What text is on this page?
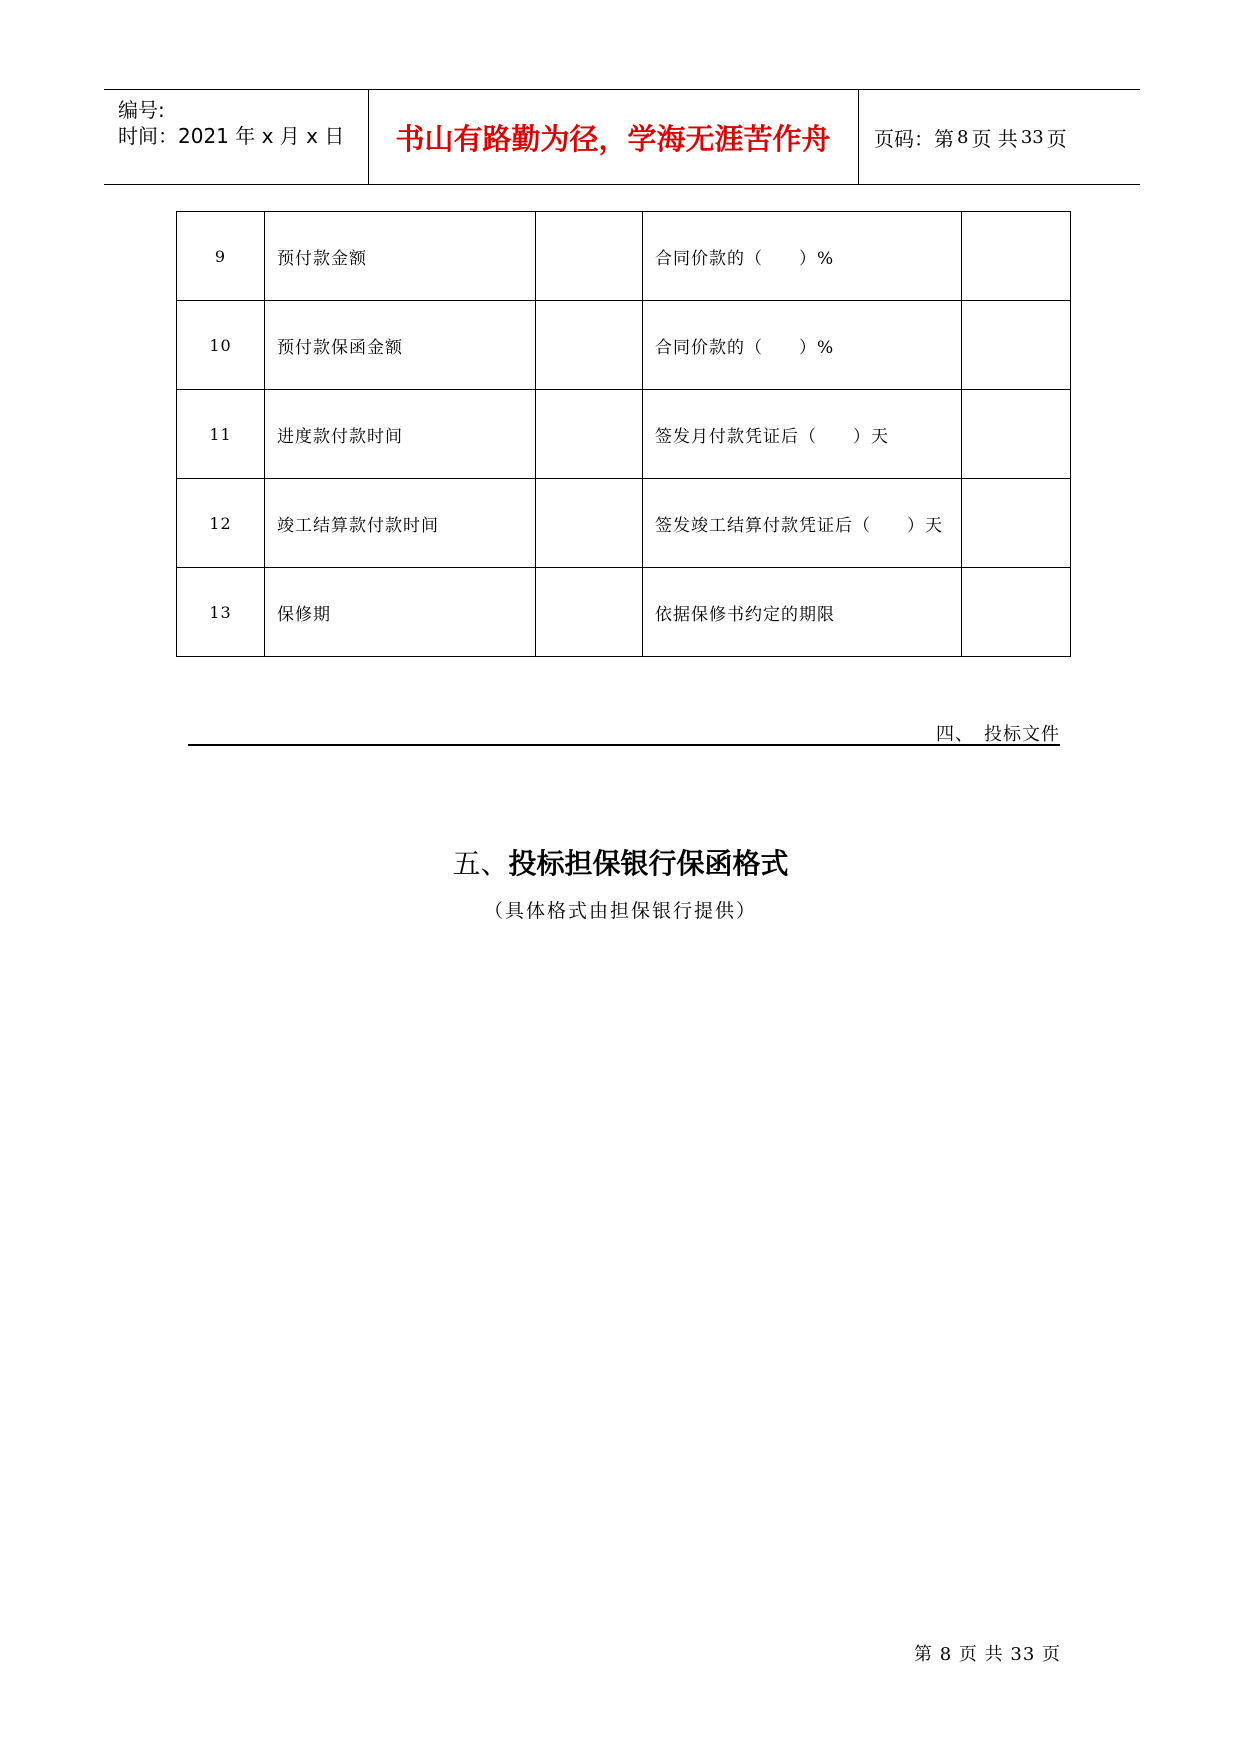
编号:
时间：2021 年 x 月 x 日 书山有路勤为径，学海无涯苦作舟 页码：第 8 页 共 33 页
9	预付款金额		合同价款的（　　）%	
10	预付款保函金额		合同价款的（　　）%	
11	进度款付款时间		签发月付款凭证后（　　）天	
12	竣工结算款付款时间		签发竣工结算付款凭证后（　　）天	
13	保修期		依据保修书约定的期限	
四、　投标文件
五、投标担保银行保函格式
（具体格式由担保银行提供）
第 8 页 共 33 页
